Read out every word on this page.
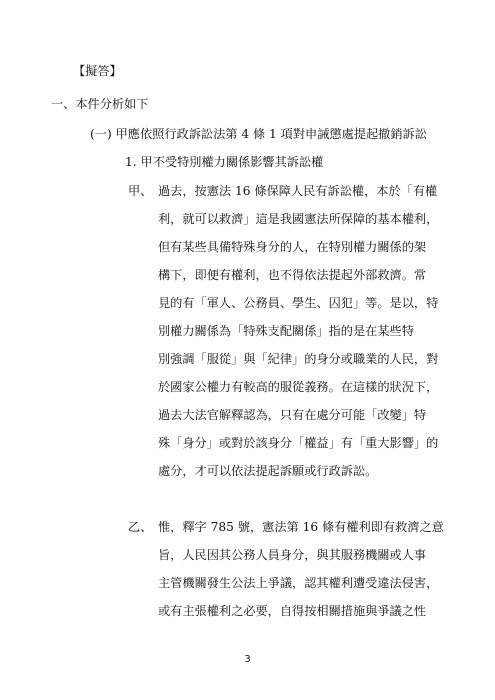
【擬答】
一、本件分析如下
(一) 甲應依照行政訴訟法第 4 條 1 項對申誡懲處提起撤銷訴訟
1. 甲不受特別權力關係影響其訴訟權
甲、 過去，按憲法 16 條保障人民有訴訟權，本於「有權
利，就可以救濟」這是我國憲法所保障的基本權利，
但有某些具備特殊身分的人，在特別權力關係的架
構下，即便有權利，也不得依法提起外部救濟。常
見的有「軍人、公務員、學生、囚犯」等。是以，特
別權力關係為「特殊支配關係」指的是在某些特
別強調「服從」與「紀律」的身分或職業的人民，對
於國家公權力有較高的服從義務。在這樣的狀況下，
過去大法官解釋認為，只有在處分可能「改變」特
殊「身分」或對於該身分「權益」有「重大影響」的
處分，才可以依法提起訴願或行政訴訟。
乙、 惟，釋字 785 號，憲法第 16 條有權利即有救濟之意
旨，人民因其公務人員身分，與其服務機關或人事
主管機關發生公法上爭議，認其權利遭受違法侵害，
或有主張權利之必要，自得按相關措施與爭議之性
3
